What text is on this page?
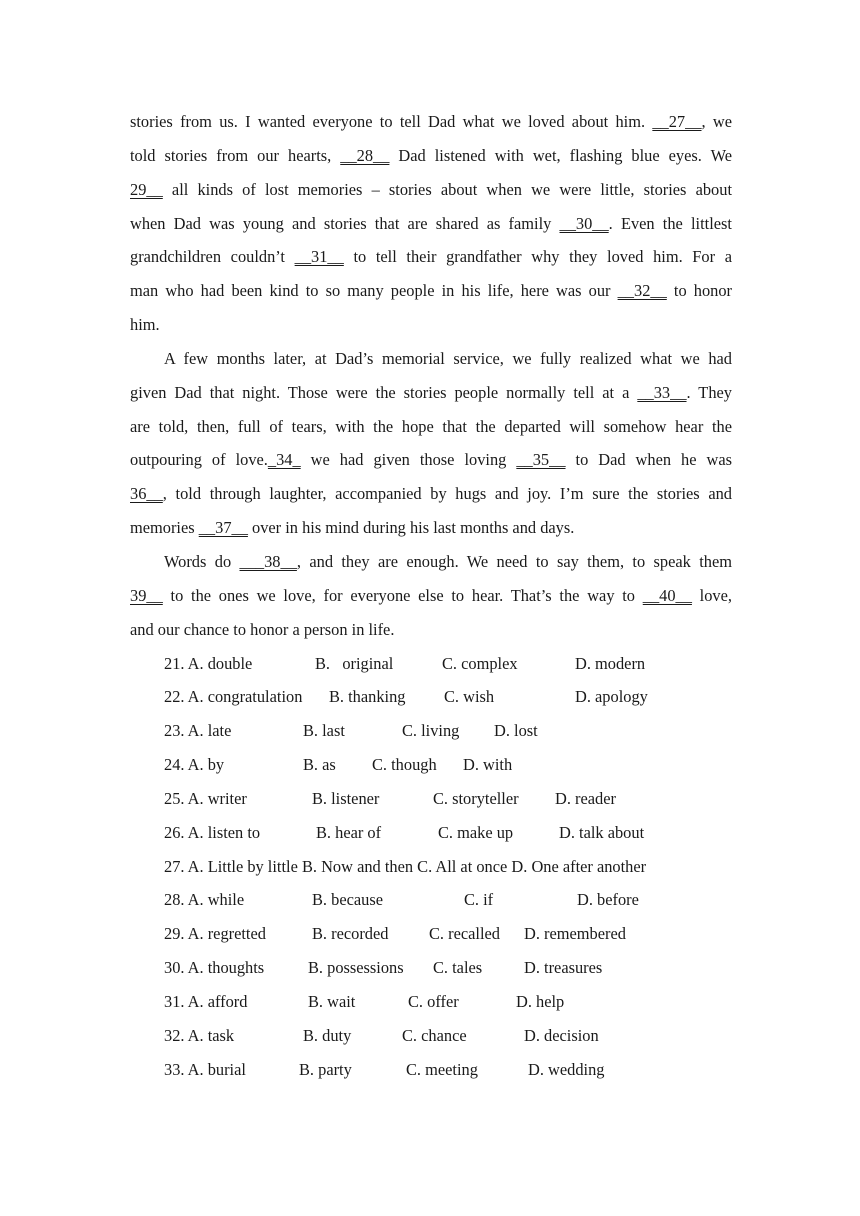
stories from us. I wanted everyone to tell Dad what we loved about him. __27__, we
told stories from our hearts, __28__ Dad listened with wet, flashing blue eyes. We
29__ all kinds of lost memories – stories about when we were little, stories about
when Dad was young and stories that are shared as family __30__. Even the littlest
grandchildren couldn’t __31__ to tell their grandfather why they loved him. For a
man who had been kind to so many people in his life, here was our __32__ to honor
him.
A few months later, at Dad’s memorial service, we fully realized what we had
given Dad that night. Those were the stories people normally tell at a __33__. They
are told, then, full of tears, with the hope that the departed will somehow hear the
outpouring of love._34_ we had given those loving __35__ to Dad when he was
36__, told through laughter, accompanied by hugs and joy. I’m sure the stories and
memories __37__ over in his mind during his last months and days.
Words do ___38__, and they are enough. We need to say them, to speak them
39__ to the ones we love, for everyone else to hear. That’s the way to __40__ love,
and our chance to honor a person in life.
21. A. double	B.   original	C. complex	D. modern
22. A. congratulation	B. thanking	C. wish	D. apology
23. A. late	B. last	C. living	D. lost
24. A. by	B. as	C. though	D. with
25. A. writer	B. listener	C. storyteller	D. reader
26. A. listen to	B. hear of	C. make up	D. talk about
27. A. Little by little B. Now and then C. All at once D. One after another
28. A. while	B. because	C. if	D. before
29. A. regretted	B. recorded	C. recalled	D. remembered
30. A. thoughts	B. possessions	C. tales	D. treasures
31. A. afford	B. wait	C. offer	D. help
32. A. task	B. duty	C. chance	D. decision
33. A. burial	B. party	C. meeting	D. wedding
